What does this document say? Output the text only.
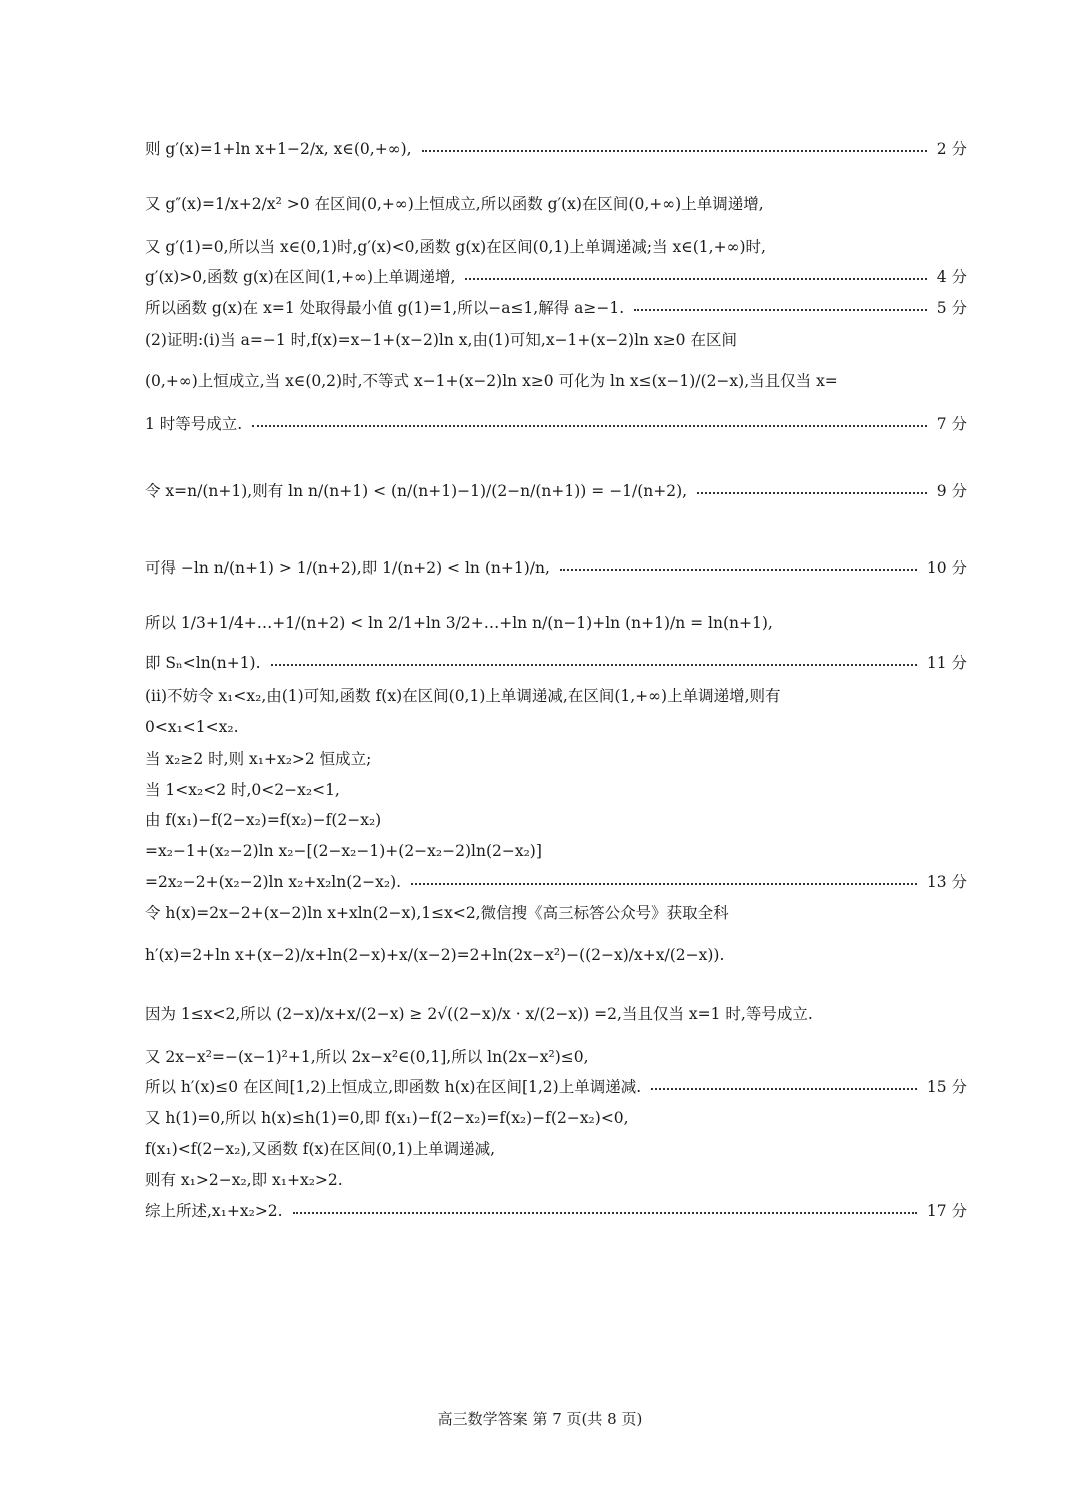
则 g′(x)=1+ln x+1−2/x, x∈(0,+∞),	2 分
又 g″(x)=1/x+2/x² >0 在区间(0,+∞)上恒成立,所以函数 g′(x)在区间(0,+∞)上单调递增,
又 g′(1)=0,所以当 x∈(0,1)时,g′(x)<0,函数 g(x)在区间(0,1)上单调递减;当 x∈(1,+∞)时,
g′(x)>0,函数 g(x)在区间(1,+∞)上单调递增,	4 分
所以函数 g(x)在 x=1 处取得最小值 g(1)=1,所以−a≤1,解得 a≥−1.	5 分
(2)证明:(i)当 a=−1 时,f(x)=x−1+(x−2)ln x,由(1)可知,x−1+(x−2)ln x≥0 在区间
(0,+∞)上恒成立,当 x∈(0,2)时,不等式 x−1+(x−2)ln x≥0 可化为 ln x≤(x−1)/(2−x),当且仅当 x=
1 时等号成立.	7 分
令 x=n/(n+1),则有 ln n/(n+1) < (n/(n+1)−1)/(2−n/(n+1)) = −1/(n+2),	9 分
可得 −ln n/(n+1) > 1/(n+2),即 1/(n+2) < ln (n+1)/n,	10 分
所以 1/3+1/4+…+1/(n+2) < ln 2/1+ln 3/2+…+ln n/(n−1)+ln (n+1)/n = ln(n+1),
即 Sₙ<ln(n+1).	11 分
(ii)不妨令 x₁<x₂,由(1)可知,函数 f(x)在区间(0,1)上单调递减,在区间(1,+∞)上单调递增,则有
0<x₁<1<x₂.
当 x₂≥2 时,则 x₁+x₂>2 恒成立;
当 1<x₂<2 时,0<2−x₂<1,
由 f(x₁)−f(2−x₂)=f(x₂)−f(2−x₂)
=x₂−1+(x₂−2)ln x₂−[(2−x₂−1)+(2−x₂−2)ln(2−x₂)]
=2x₂−2+(x₂−2)ln x₂+x₂ln(2−x₂).	13 分
令 h(x)=2x−2+(x−2)ln x+xln(2−x),1≤x<2,微信搜《高三标答公众号》获取全科
h′(x)=2+ln x+(x−2)/x+ln(2−x)+x/(x−2)=2+ln(2x−x²)−((2−x)/x+x/(2−x)).
因为 1≤x<2,所以 (2−x)/x+x/(2−x) ≥ 2√((2−x)/x · x/(2−x)) =2,当且仅当 x=1 时,等号成立.
又 2x−x²=−(x−1)²+1,所以 2x−x²∈(0,1],所以 ln(2x−x²)≤0,
所以 h′(x)≤0 在区间[1,2)上恒成立,即函数 h(x)在区间[1,2)上单调递减.	15 分
又 h(1)=0,所以 h(x)≤h(1)=0,即 f(x₁)−f(2−x₂)=f(x₂)−f(2−x₂)<0,
f(x₁)<f(2−x₂),又函数 f(x)在区间(0,1)上单调递减,
则有 x₁>2−x₂,即 x₁+x₂>2.
综上所述,x₁+x₂>2.	17 分
高三数学答案 第 7 页(共 8 页)
